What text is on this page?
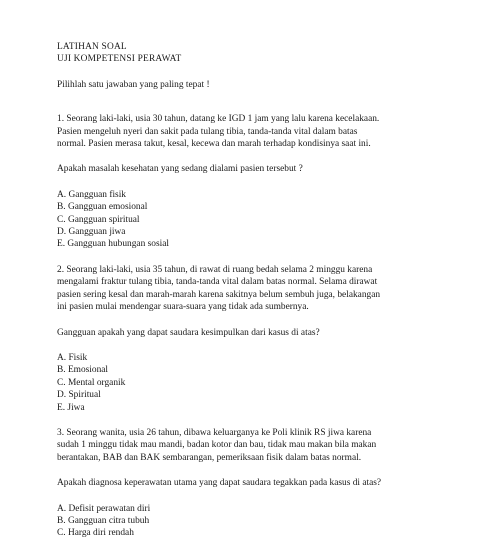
LATIHAN SOAL

UJI KOMPETENSI PERAWAT

Pilihlah satu jawaban yang paling tepat !

1. Seorang laki-laki, usia 30 tahun, datang ke IGD 1 jam yang lalu karena kecelakaan.

Pasien mengeluh nyeri dan sakit pada tulang tibia, tanda-tanda vital dalam batas

normal. Pasien merasa takut, kesal, kecewa dan marah terhadap kondisinya saat ini.

Apakah masalah kesehatan yang sedang dialami pasien tersebut ?

A. Gangguan fisik

B. Gangguan emosional

C. Gangguan spiritual

D. Gangguan jiwa

E. Gangguan hubungan sosial

2. Seorang laki-laki, usia 35 tahun, di rawat di ruang bedah selama 2 minggu karena

mengalami fraktur tulang tibia, tanda-tanda vital dalam batas normal. Selama dirawat

pasien sering kesal dan marah-marah karena sakitnya belum sembuh juga, belakangan

ini pasien mulai mendengar suara-suara yang tidak ada sumbernya.

Gangguan apakah yang dapat saudara kesimpulkan dari kasus di atas?

A. Fisik

B. Emosional

C. Mental organik

D. Spiritual

E. Jiwa

3. Seorang wanita, usia 26 tahun, dibawa keluarganya ke Poli klinik RS jiwa karena

sudah 1 minggu tidak mau mandi, badan kotor dan bau, tidak mau makan bila makan

berantakan, BAB dan BAK sembarangan, pemeriksaan fisik dalam batas normal.

Apakah diagnosa keperawatan utama yang dapat saudara tegakkan pada kasus di atas?

A. Defisit perawatan diri

B. Gangguan citra tubuh

C. Harga diri rendah
